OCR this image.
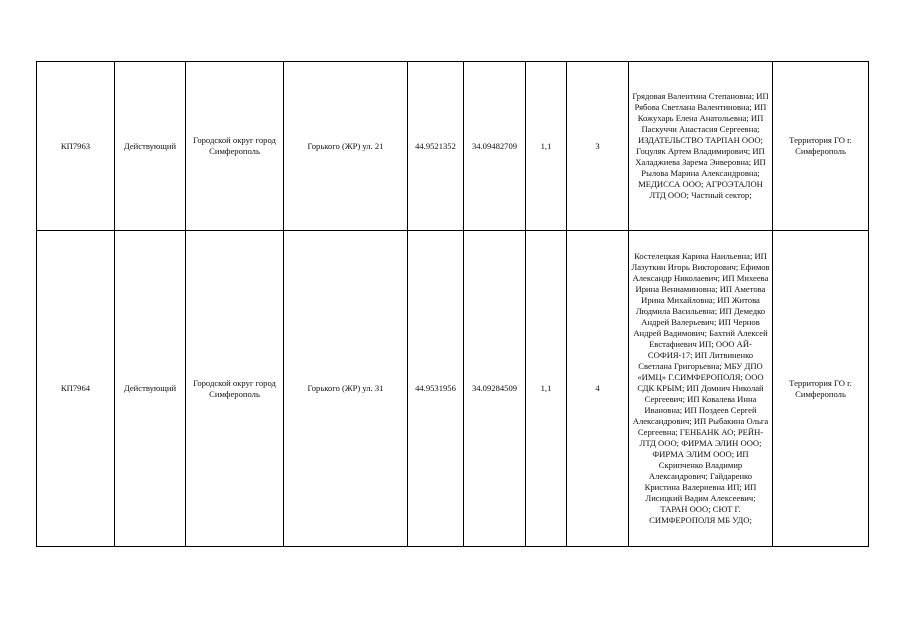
КП7963	Действующий	Городской округ город Симферополь	Горького (ЖР) ул. 21	44.9521352	34.09482709	1,1	3	Грядовая Валентина Степановна; ИП Рябова Светлана Валентиновна; ИП Кожухарь Елена Анатольевна; ИП Паскуччи Анастасия Сергеевна; ИЗДАТЕЛЬСТВО ТАРПАН ООО; Гоцуляк Артем Владимирович; ИП Халаджиева Зарема Энверовна; ИП Рылова Марина Александровна; МЕДИССА ООО; АГРОЭТАЛОН ЛТД ООО; Частный сектор;	Территория ГО г. Симферополь
КП7964	Действующий	Городской округ город Симферополь	Горького (ЖР) ул. 31	44.9531956	34.09284509	1,1	4	Костелецкая Карина Наильевна; ИП Лазуткин Игорь Викторович; Ефимов Александр Николаевич; ИП Михеева Ирина Вениаминовна; ИП Аметова Ирина Михайловна; ИП Житова Людмила Васильевна; ИП Демедко Андрей Валерьевич; ИП Чернов Андрей Вадимович; Бахтий Алексей Евстафиевич ИП; ООО АЙ-СОФИЯ-17; ИП Литвиненко Светлана Григорьевна; МБУ ДПО «ИМЦ» Г.СИМФЕРОПОЛЯ; ООО СДК КРЫМ; ИП Домнич Николай Сергеевич; ИП Ковалева Инна Ивановна; ИП Поздеев Сергей Александрович; ИП Рыбакина Ольга Сергеевна; ГЕНБАНК АО; РЕЙН-ЛТД ООО; ФИРМА ЭЛИН ООО; ФИРМА ЭЛИМ ООО; ИП Скрипченко Владимир Александрович; Гайдаренко Кристина Валериевна ИП; ИП Лисицкий Вадим Алексеевич; ТАРАН ООО; СЮТ Г. СИМФЕРОПОЛЯ МБ УДО;	Территория ГО г. Симферополь
